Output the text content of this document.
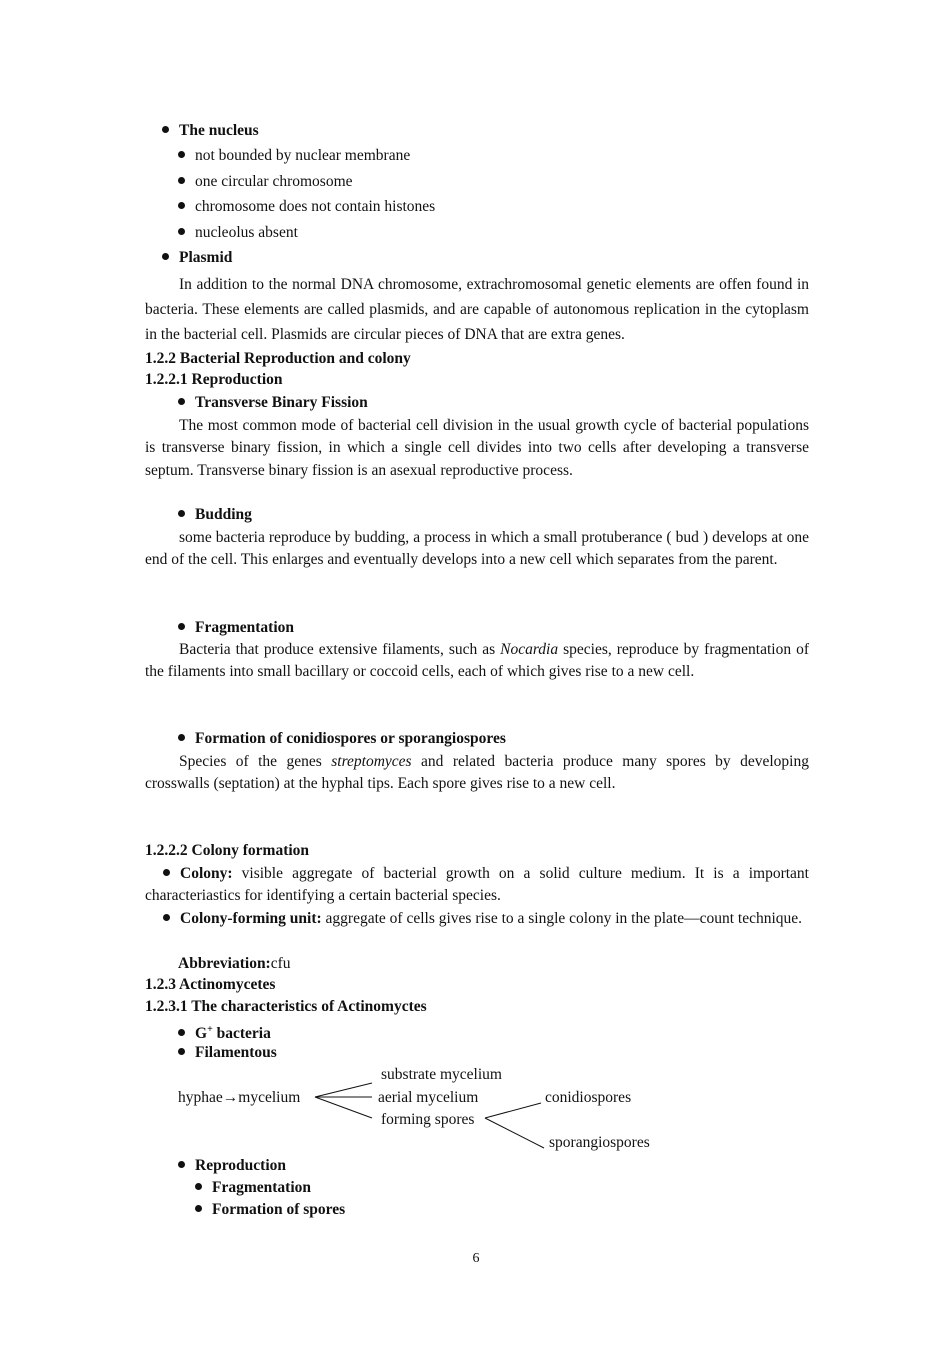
The nucleus
not bounded by nuclear membrane
one circular chromosome
chromosome does not contain histones
nucleolus absent
Plasmid

In addition to the normal DNA chromosome, extrachromosomal genetic elements are offen found in bacteria. These elements are called plasmids, and are capable of autonomous replication in the cytoplasm in the bacterial cell. Plasmids are circular pieces of DNA that are extra genes.

1.2.2 Bacterial Reproduction and colony
1.2.2.1 Reproduction
Transverse Binary Fission

The most common mode of bacterial cell division in the usual growth cycle of bacterial populations is transverse binary fission, in which a single cell divides into two cells after developing a transverse septum. Transverse binary fission is an asexual reproductive process.

Budding

some bacteria reproduce by budding, a process in which a small protuberance ( bud ) develops at one end of the cell. This enlarges and eventually develops into a new cell which separates from the parent.

Fragmentation

Bacteria that produce extensive filaments, such as Nocardia species, reproduce by fragmentation of the filaments into small bacillary or coccoid cells, each of which gives rise to a new cell.

Formation of conidiospores or sporangiospores

Species of the genes streptomyces and related bacteria produce many spores by developing crosswalls (septation) at the hyphal tips. Each spore gives rise to a new cell.

1.2.2.2 Colony formation

Colony: visible aggregate of bacterial growth on a solid culture medium. It is a important characteriastics for identifying a certain bacterial species.

Colony-forming unit: aggregate of cells gives rise to a single colony in the plate—count technique.

Abbreviation:cfu
1.2.3 Actinomycetes
1.2.3.1 The characteristics of Actinomyctes
G+ bacteria
Filamentous
hyphae→mycelium
substrate mycelium
aerial mycelium
forming spores
conidiospores
sporangiospores
Reproduction
Fragmentation
Formation of spores
6
